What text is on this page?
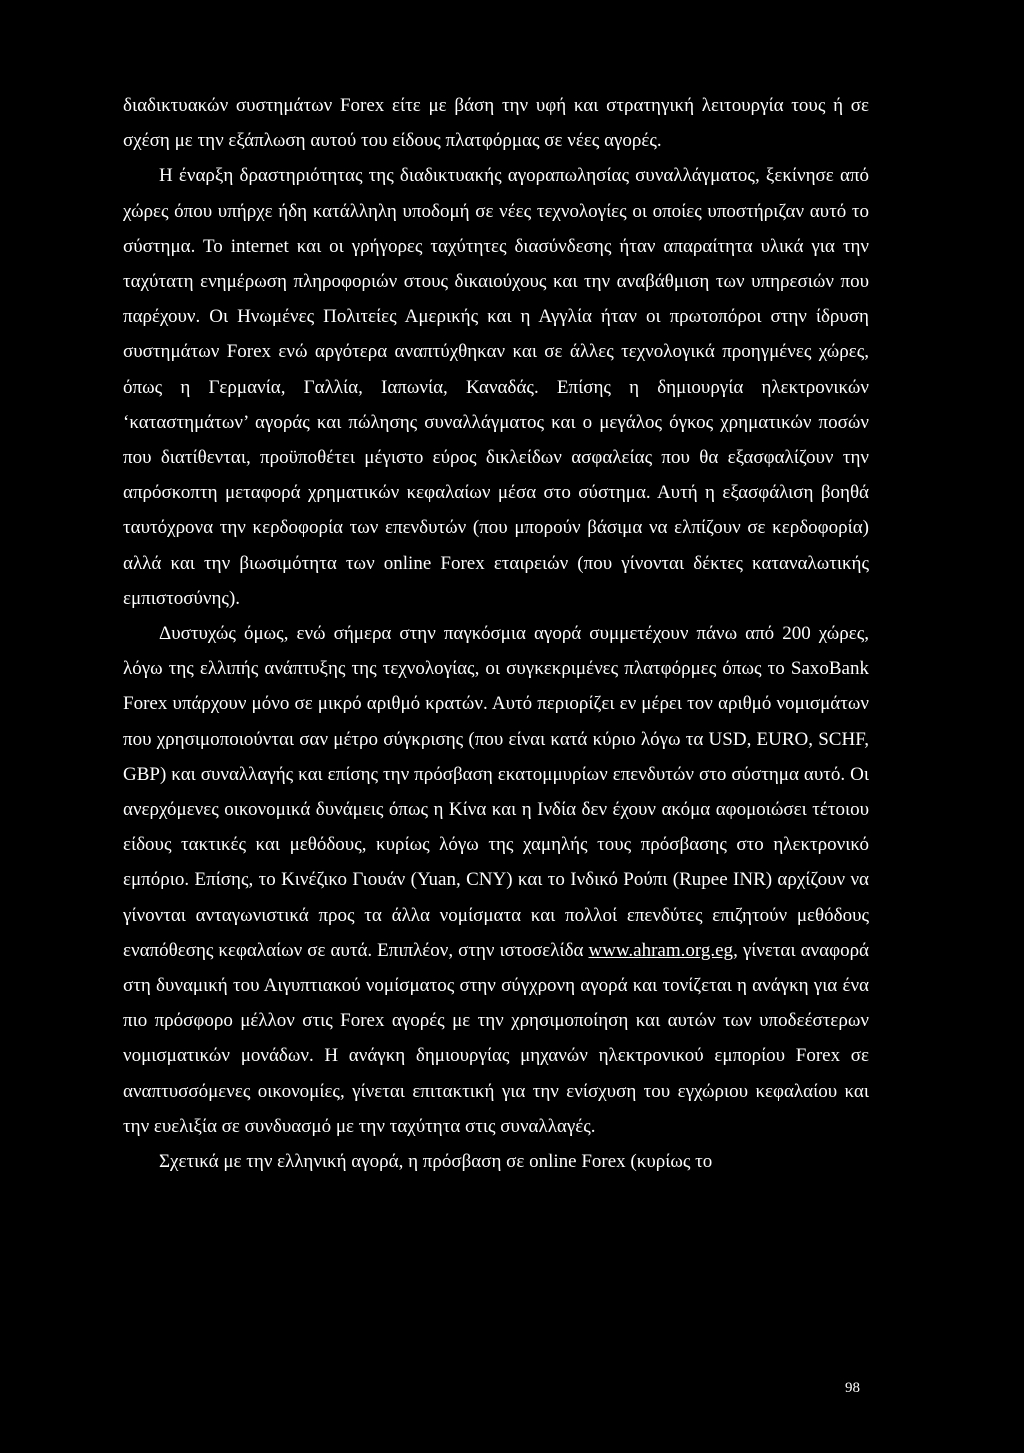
διαδικτυακών συστημάτων Forex είτε με βάση την υφή και στρατηγική λειτουργία τους ή σε σχέση με την εξάπλωση αυτού του είδους πλατφόρμας σε νέες αγορές.

Η έναρξη δραστηριότητας της διαδικτυακής αγοραπωλησίας συναλλάγματος, ξεκίνησε από χώρες όπου υπήρχε ήδη κατάλληλη υποδομή σε νέες τεχνολογίες οι οποίες υποστήριζαν αυτό το σύστημα. Το internet και οι γρήγορες ταχύτητες διασύνδεσης ήταν απαραίτητα υλικά για την ταχύτατη ενημέρωση πληροφοριών στους δικαιούχους και την αναβάθμιση των υπηρεσιών που παρέχουν. Οι Ηνωμένες Πολιτείες Αμερικής και η Αγγλία ήταν οι πρωτοπόροι στην ίδρυση συστημάτων Forex ενώ αργότερα αναπτύχθηκαν και σε άλλες τεχνολογικά προηγμένες χώρες, όπως η Γερμανία, Γαλλία, Ιαπωνία, Καναδάς. Επίσης η δημιουργία ηλεκτρονικών ‘καταστημάτων’ αγοράς και πώλησης συναλλάγματος και ο μεγάλος όγκος χρηματικών ποσών που διατίθενται, προϋποθέτει μέγιστο εύρος δικλείδων ασφαλείας που θα εξασφαλίζουν την απρόσκοπτη μεταφορά χρηματικών κεφαλαίων μέσα στο σύστημα. Αυτή η εξασφάλιση βοηθά ταυτόχρονα την κερδοφορία των επενδυτών (που μπορούν βάσιμα να ελπίζουν σε κερδοφορία) αλλά και την βιωσιμότητα των online Forex εταιρειών (που γίνονται δέκτες καταναλωτικής εμπιστοσύνης).

Δυστυχώς όμως, ενώ σήμερα στην παγκόσμια αγορά συμμετέχουν πάνω από 200 χώρες, λόγω της ελλιπής ανάπτυξης της τεχνολογίας, οι συγκεκριμένες πλατφόρμες όπως το SaxoBank Forex υπάρχουν μόνο σε μικρό αριθμό κρατών. Αυτό περιορίζει εν μέρει τον αριθμό νομισμάτων που χρησιμοποιούνται σαν μέτρο σύγκρισης (που είναι κατά κύριο λόγω τα USD, EURO, SCHF, GBP) και συναλλαγής και επίσης την πρόσβαση εκατομμυρίων επενδυτών στο σύστημα αυτό. Οι ανερχόμενες οικονομικά δυνάμεις όπως η Κίνα και η Ινδία δεν έχουν ακόμα αφομοιώσει τέτοιου είδους τακτικές και μεθόδους, κυρίως λόγω της χαμηλής τους πρόσβασης στο ηλεκτρονικό εμπόριο. Επίσης, το Κινέζικο Γιουάν (Yuan, CNY) και το Ινδικό Ρούπι (Rupee INR) αρχίζουν να γίνονται ανταγωνιστικά προς τα άλλα νομίσματα και πολλοί επενδύτες επιζητούν μεθόδους εναπόθεσης κεφαλαίων σε αυτά. Επιπλέον, στην ιστοσελίδα www.ahram.org.eg, γίνεται αναφορά στη δυναμική του Αιγυπτιακού νομίσματος στην σύγχρονη αγορά και τονίζεται η ανάγκη για ένα πιο πρόσφορο μέλλον στις Forex αγορές με την χρησιμοποίηση και αυτών των υποδεέστερων νομισματικών μονάδων. Η ανάγκη δημιουργίας μηχανών ηλεκτρονικού εμπορίου Forex σε αναπτυσσόμενες οικονομίες, γίνεται επιτακτική για την ενίσχυση του εγχώριου κεφαλαίου και την ευελιξία σε συνδυασμό με την ταχύτητα στις συναλλαγές.

Σχετικά με την ελληνική αγορά, η πρόσβαση σε online Forex (κυρίως το

98
